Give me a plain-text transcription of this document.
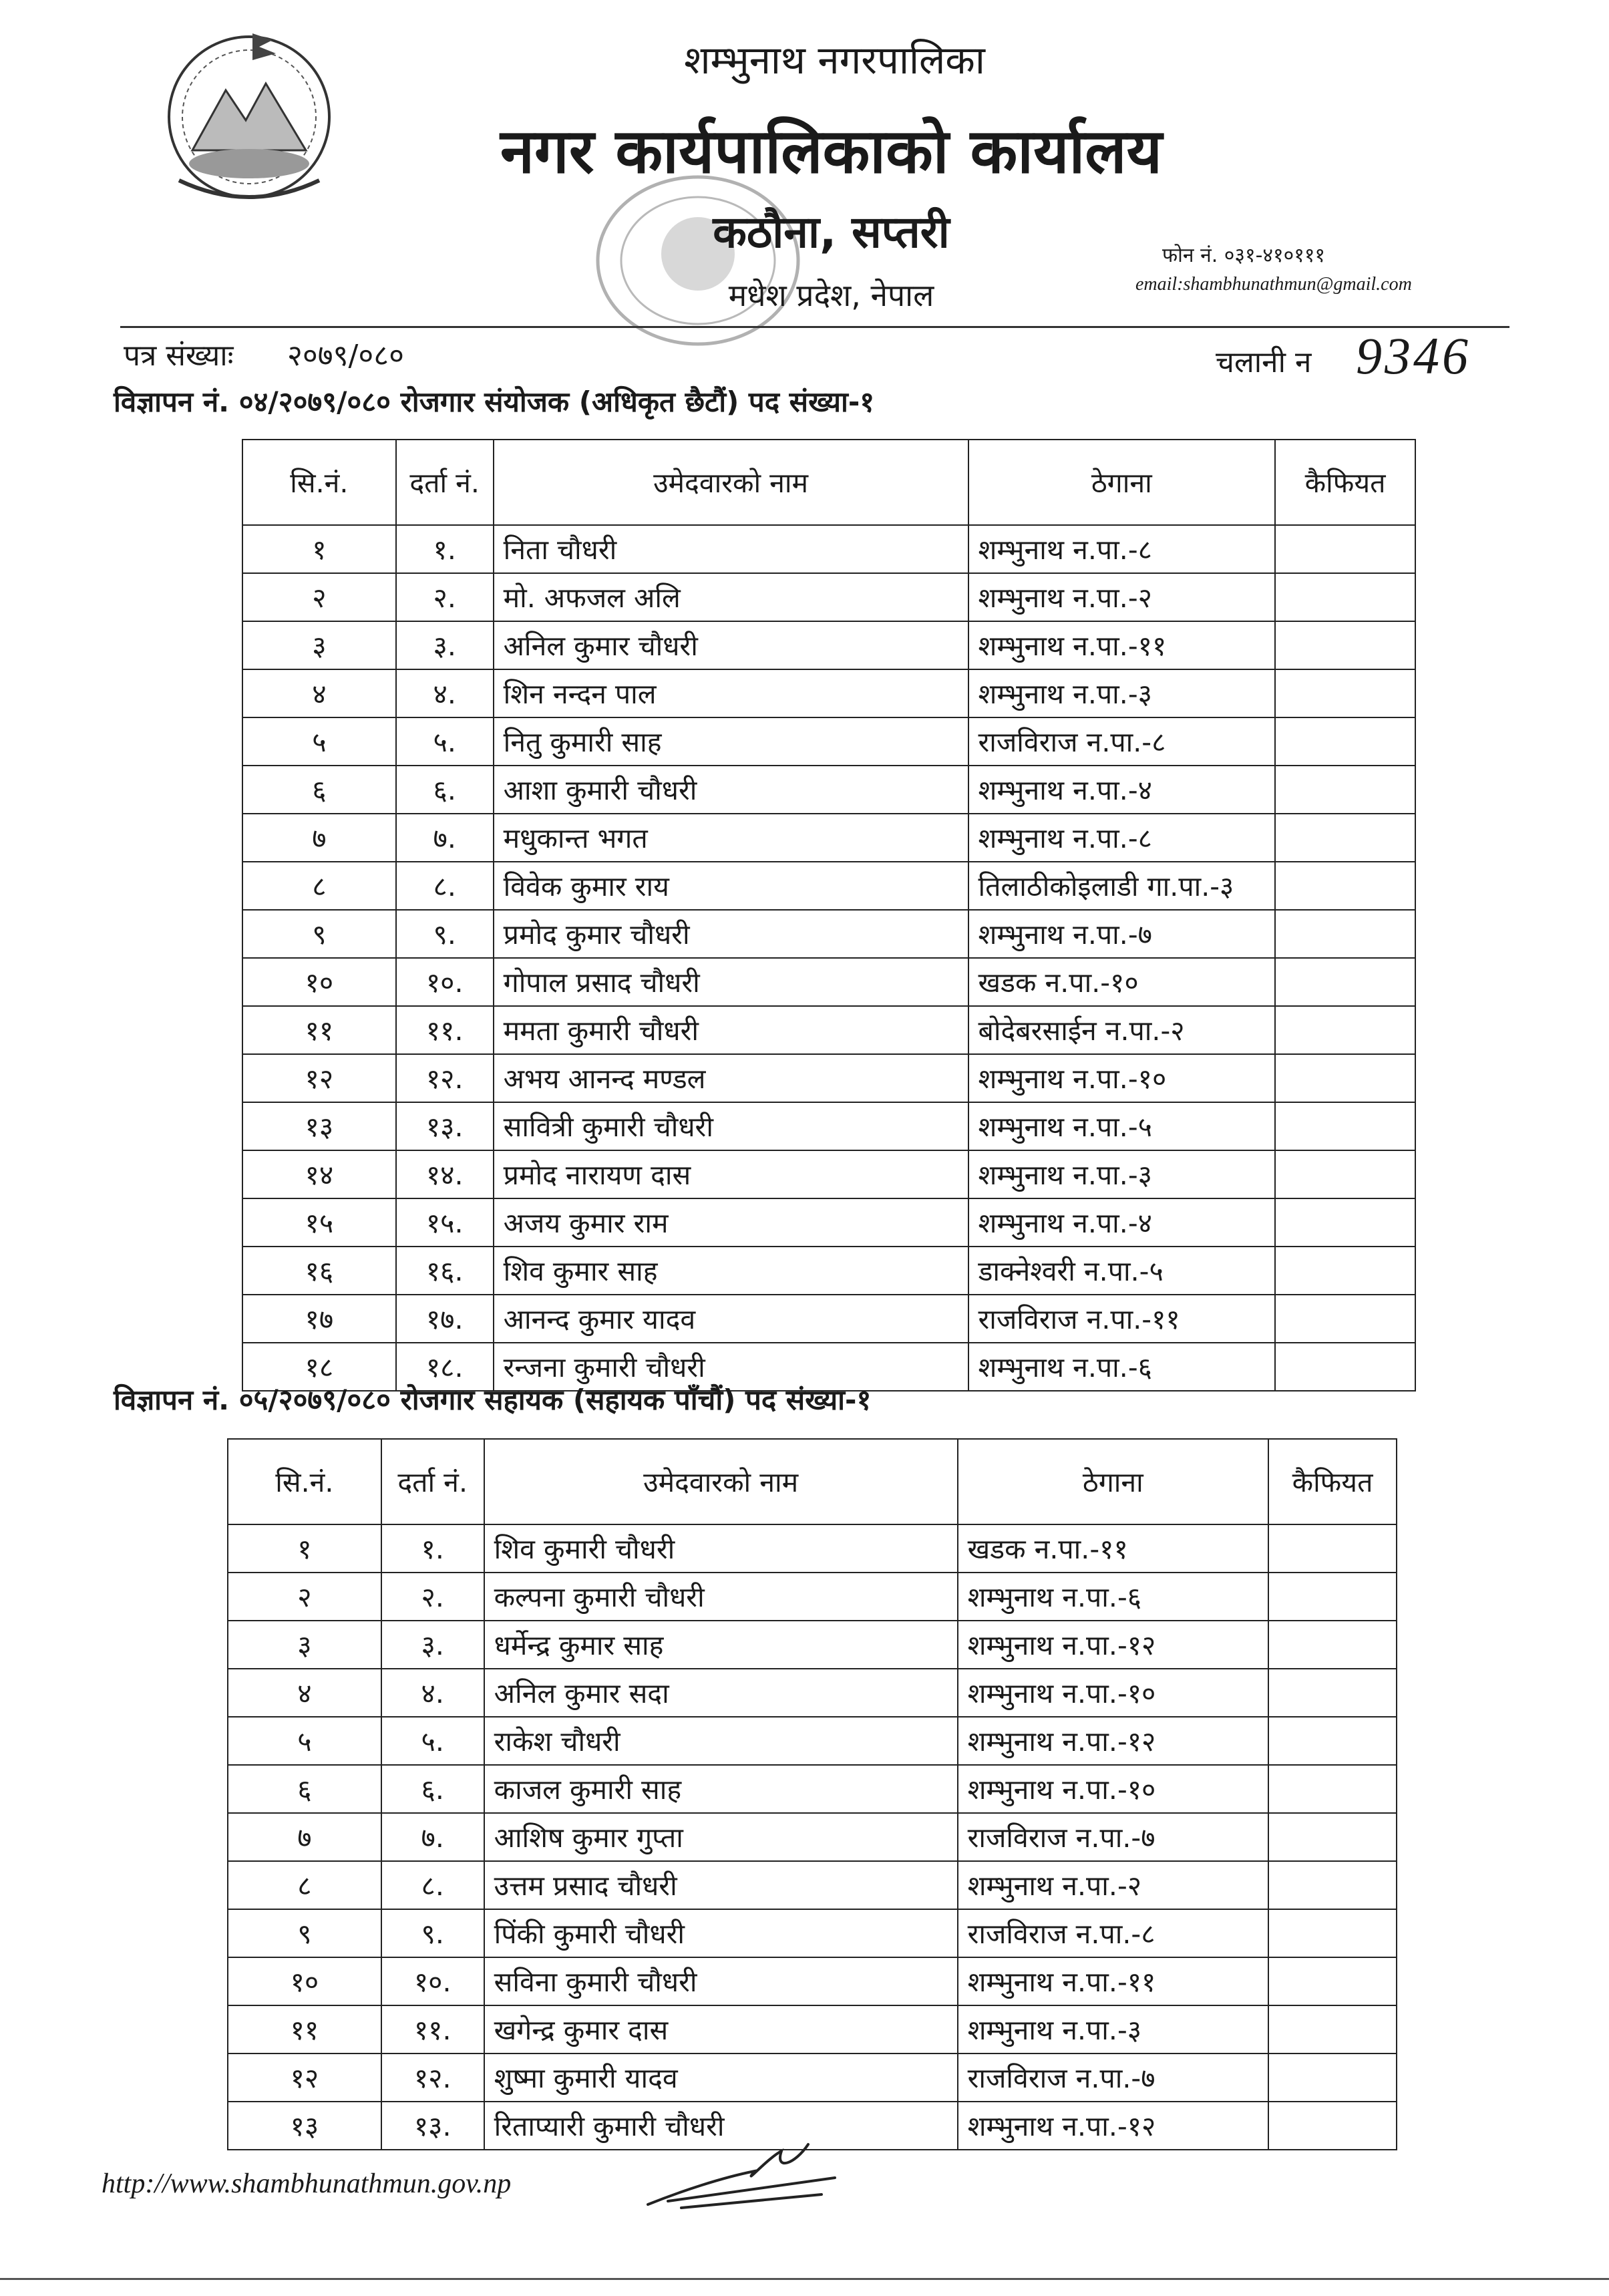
शम्भुनाथ नगरपालिका
नगर कार्यपालिकाको कार्यालय
कठौना, सप्तरी
मधेश प्रदेश, नेपाल
फोन नं. ०३१-४१०१११
email:shambhunathmun@gmail.com
पत्र संख्याः २०७९/०८०	चलानी न 9346
विज्ञापन नं. ०४/२०७९/०८० रोजगार संयोजक (अधिकृत छैटौं) पद संख्या-१
सि.नं.	दर्ता नं.	उमेदवारको नाम	ठेगाना	कैफियत
१	१.	निता चौधरी	शम्भुनाथ न.पा.-८	
२	२.	मो. अफजल अलि	शम्भुनाथ न.पा.-२	
३	३.	अनिल कुमार चौधरी	शम्भुनाथ न.पा.-११	
४	४.	शिन नन्दन पाल	शम्भुनाथ न.पा.-३	
५	५.	नितु कुमारी साह	राजविराज न.पा.-८	
६	६.	आशा कुमारी चौधरी	शम्भुनाथ न.पा.-४	
७	७.	मधुकान्त भगत	शम्भुनाथ न.पा.-८	
८	८.	विवेक कुमार राय	तिलाठीकोइलाडी गा.पा.-३	
९	९.	प्रमोद कुमार चौधरी	शम्भुनाथ न.पा.-७	
१०	१०.	गोपाल प्रसाद चौधरी	खडक न.पा.-१०	
११	११.	ममता कुमारी चौधरी	बोदेबरसाईन न.पा.-२	
१२	१२.	अभय आनन्द मण्डल	शम्भुनाथ न.पा.-१०	
१३	१३.	सावित्री कुमारी चौधरी	शम्भुनाथ न.पा.-५	
१४	१४.	प्रमोद नारायण दास	शम्भुनाथ न.पा.-३	
१५	१५.	अजय कुमार राम	शम्भुनाथ न.पा.-४	
१६	१६.	शिव कुमार साह	डाक्नेश्वरी न.पा.-५	
१७	१७.	आनन्द कुमार यादव	राजविराज न.पा.-११	
१८	१८.	रन्जना कुमारी चौधरी	शम्भुनाथ न.पा.-६	
विज्ञापन नं. ०५/२०७९/०८० रोजगार सहायक (सहायक पाँचौं) पद संख्या-१
सि.नं.	दर्ता नं.	उमेदवारको नाम	ठेगाना	कैफियत
१	१.	शिव कुमारी चौधरी	खडक न.पा.-११	
२	२.	कल्पना कुमारी चौधरी	शम्भुनाथ न.पा.-६	
३	३.	धर्मेन्द्र कुमार साह	शम्भुनाथ न.पा.-१२	
४	४.	अनिल कुमार सदा	शम्भुनाथ न.पा.-१०	
५	५.	राकेश चौधरी	शम्भुनाथ न.पा.-१२	
६	६.	काजल कुमारी साह	शम्भुनाथ न.पा.-१०	
७	७.	आशिष कुमार गुप्ता	राजविराज न.पा.-७	
८	८.	उत्तम प्रसाद चौधरी	शम्भुनाथ न.पा.-२	
९	९.	पिंकी कुमारी चौधरी	राजविराज न.पा.-८	
१०	१०.	सविना कुमारी चौधरी	शम्भुनाथ न.पा.-११	
११	११.	खगेन्द्र कुमार दास	शम्भुनाथ न.पा.-३	
१२	१२.	शुष्मा कुमारी यादव	राजविराज न.पा.-७	
१३	१३.	रिताप्यारी कुमारी चौधरी	शम्भुनाथ न.पा.-१२	
http://www.shambhunathmun.gov.np
